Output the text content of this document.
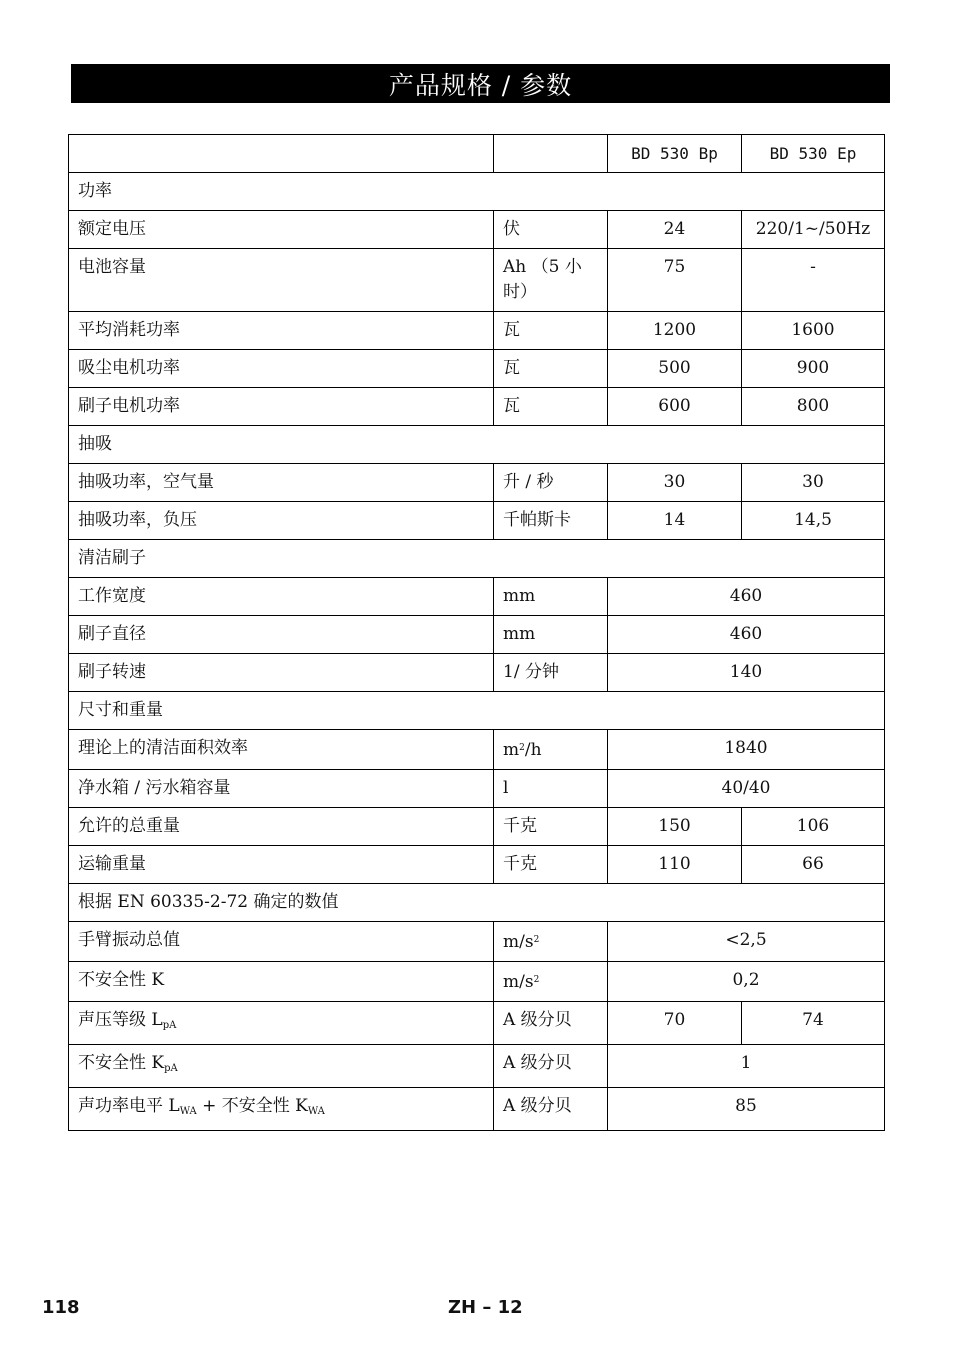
产品规格 / 参数
		BD 530 Bp	BD 530 Ep
功率			
额定电压	伏	24	220/1~/50Hz
电池容量	Ah （5 小时）	75	-
平均消耗功率	瓦	1200	1600
吸尘电机功率	瓦	500	900
刷子电机功率	瓦	600	800
抽吸			
抽吸功率，空气量	升 / 秒	30	30
抽吸功率，负压	千帕斯卡	14	14,5
清洁刷子			
工作宽度	mm	460	
刷子直径	mm	460	
刷子转速	1/ 分钟	140	
尺寸和重量			
理论上的清洁面积效率	$m^2/h$	1840	
净水箱 / 污水箱容量	l	40/40	
允许的总重量	千克	150	106
运输重量	千克	110	66
根据 EN 60335-2-72 确定的数值			
手臂振动总值	$m/s^2$	<2,5	
不安全性 K	$m/s^2$	0,2	
声压等级 $L_{pA}$	A 级分贝	70	74
不安全性 $K_{pA}$	A 级分贝	1	
声功率电平 $L_{WA}$ + 不安全性 $K_{WA}$	A 级分贝	85	
118	ZH – 12
